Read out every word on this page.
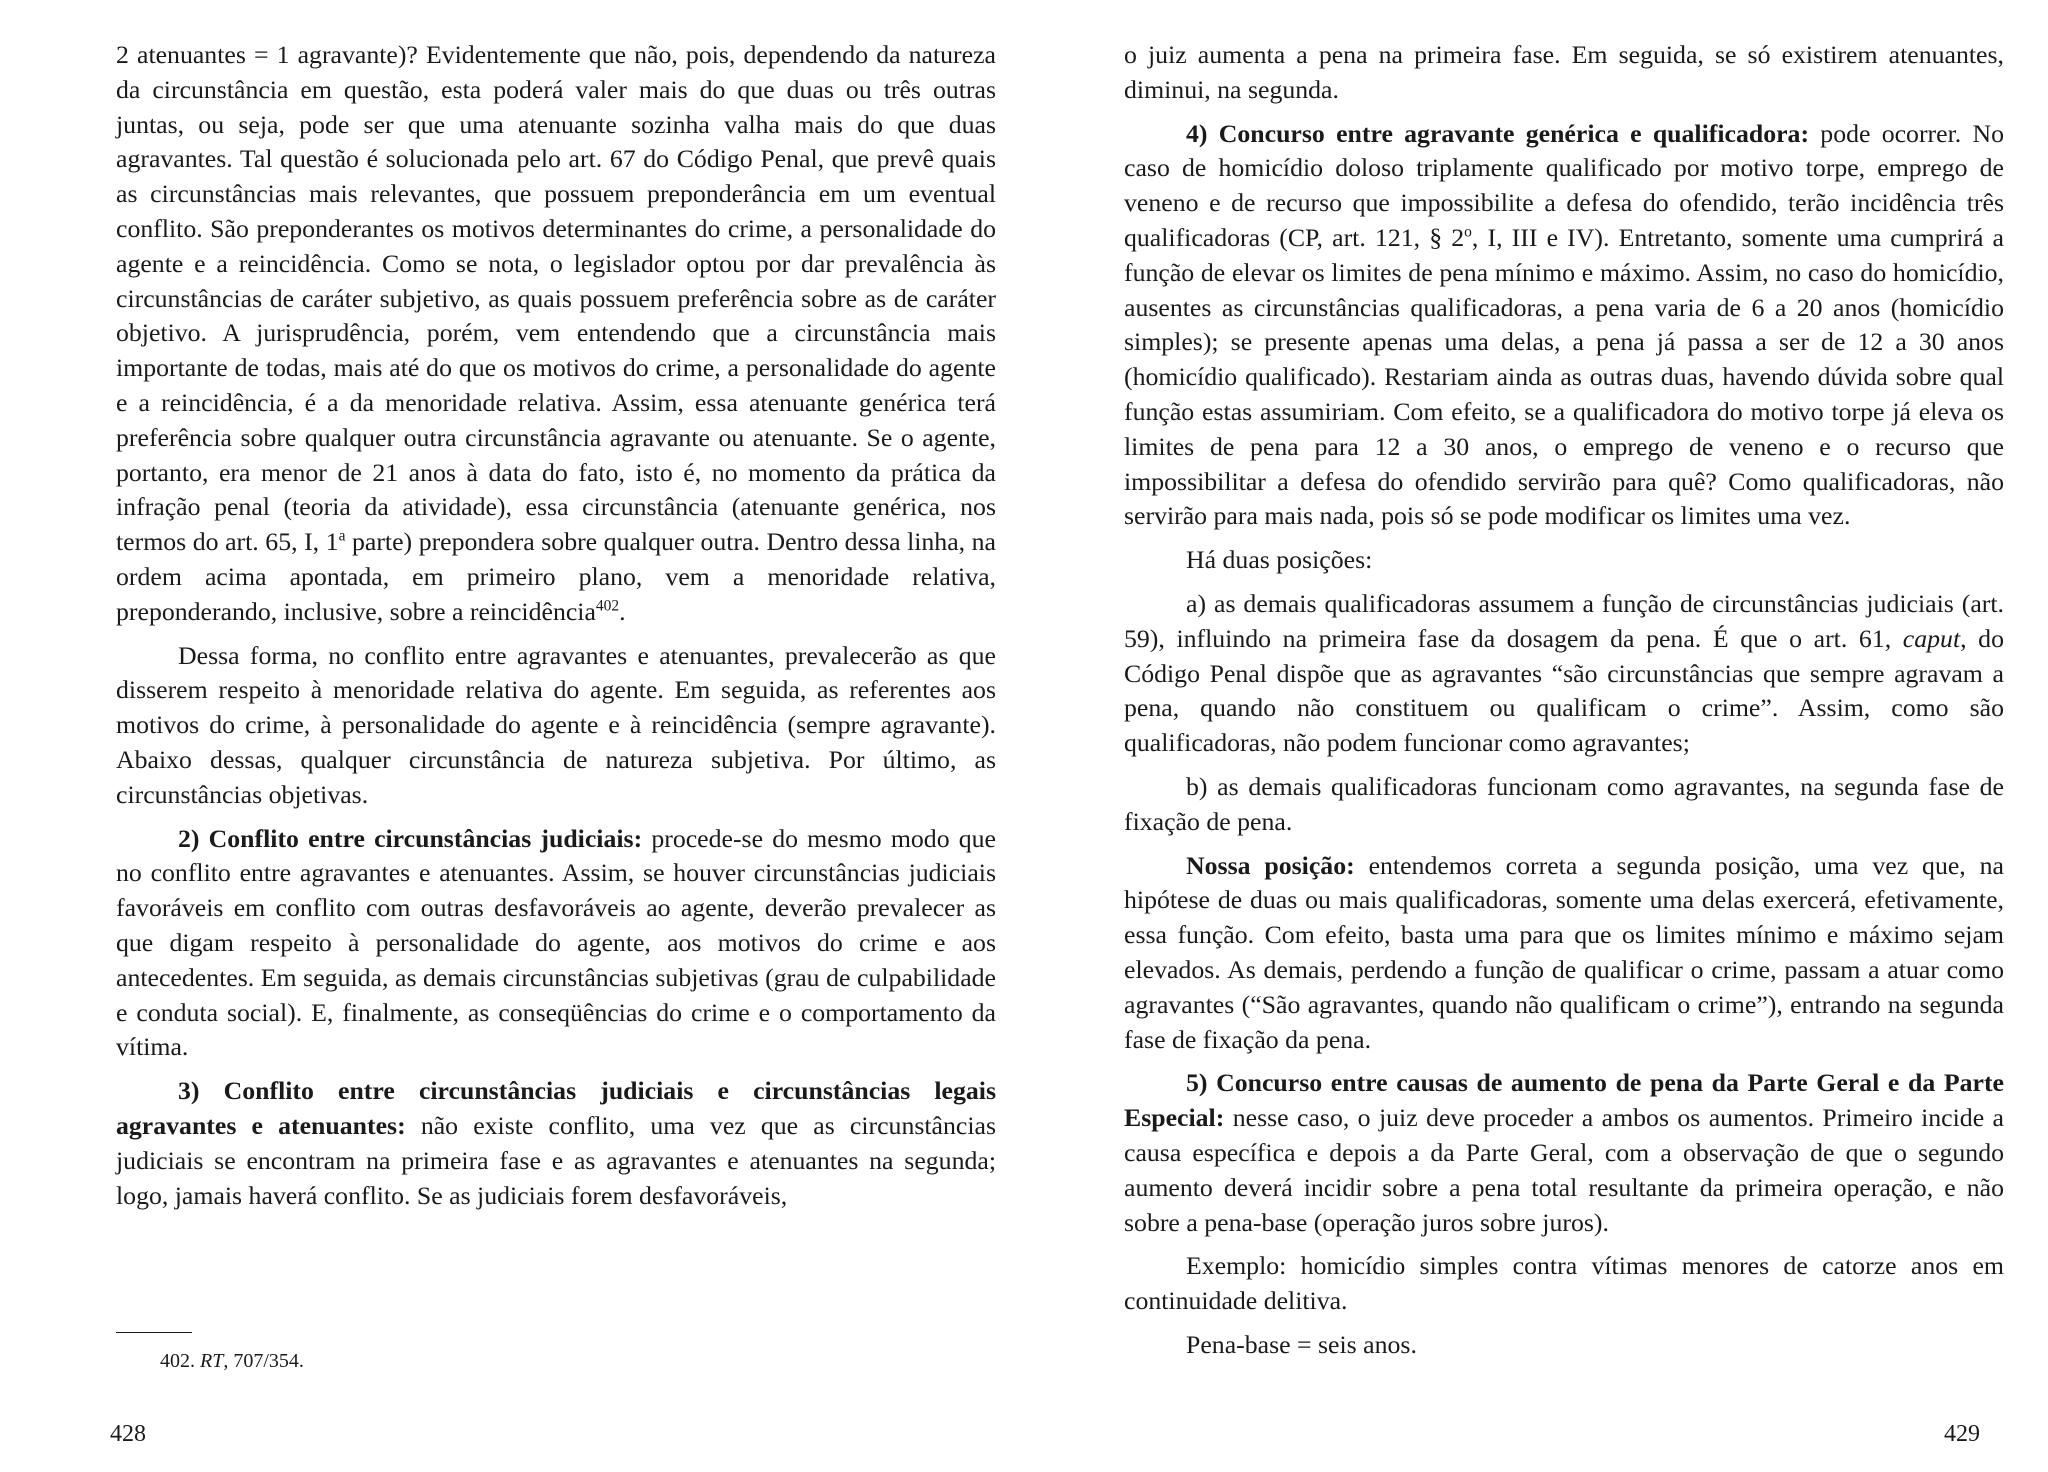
2 atenuantes = 1 agravante)? Evidentemente que não, pois, dependendo da natureza da circunstância em questão, esta poderá valer mais do que duas ou três outras juntas, ou seja, pode ser que uma atenuante sozinha valha mais do que duas agravantes. Tal questão é solucionada pelo art. 67 do Código Penal, que prevê quais as circunstâncias mais relevantes, que possuem preponderância em um eventual conflito. São preponderantes os motivos determinantes do crime, a personalidade do agente e a reincidência. Como se nota, o legislador optou por dar prevalência às circunstâncias de caráter subjetivo, as quais possuem preferência sobre as de caráter objetivo. A jurisprudência, porém, vem entendendo que a circunstância mais importante de todas, mais até do que os motivos do crime, a personalidade do agente e a reincidência, é a da menoridade relativa. Assim, essa atenuante genérica terá preferência sobre qualquer outra circunstância agravante ou atenuante. Se o agente, portanto, era menor de 21 anos à data do fato, isto é, no momento da prática da infração penal (teoria da atividade), essa circunstância (atenuante genérica, nos termos do art. 65, I, 1$^a$ parte) prepondera sobre qualquer outra. Dentro dessa linha, na ordem acima apontada, em primeiro plano, vem a menoridade relativa, preponderando, inclusive, sobre a reincidência$^{402}$.

Dessa forma, no conflito entre agravantes e atenuantes, prevalecerão as que disserem respeito à menoridade relativa do agente. Em seguida, as referentes aos motivos do crime, à personalidade do agente e à reincidência (sempre agravante). Abaixo dessas, qualquer circunstância de natureza subjetiva. Por último, as circunstâncias objetivas.

2) Conflito entre circunstâncias judiciais: procede-se do mesmo modo que no conflito entre agravantes e atenuantes. Assim, se houver circunstâncias judiciais favoráveis em conflito com outras desfavoráveis ao agente, deverão prevalecer as que digam respeito à personalidade do agente, aos motivos do crime e aos antecedentes. Em seguida, as demais circunstâncias subjetivas (grau de culpabilidade e conduta social). E, finalmente, as conseqüências do crime e o comportamento da vítima.

3) Conflito entre circunstâncias judiciais e circunstâncias legais agravantes e atenuantes: não existe conflito, uma vez que as circunstâncias judiciais se encontram na primeira fase e as agravantes e atenuantes na segunda; logo, jamais haverá conflito. Se as judiciais forem desfavoráveis,

402. RT, 707/354.
428

o juiz aumenta a pena na primeira fase. Em seguida, se só existirem atenuantes, diminui, na segunda.

4) Concurso entre agravante genérica e qualificadora: pode ocorrer. No caso de homicídio doloso triplamente qualificado por motivo torpe, emprego de veneno e de recurso que impossibilite a defesa do ofendido, terão incidência três qualificadoras (CP, art. 121, § 2$^o$, I, III e IV). Entretanto, somente uma cumprirá a função de elevar os limites de pena mínimo e máximo. Assim, no caso do homicídio, ausentes as circunstâncias qualificadoras, a pena varia de 6 a 20 anos (homicídio simples); se presente apenas uma delas, a pena já passa a ser de 12 a 30 anos (homicídio qualificado). Restariam ainda as outras duas, havendo dúvida sobre qual função estas assumiriam. Com efeito, se a qualificadora do motivo torpe já eleva os limites de pena para 12 a 30 anos, o emprego de veneno e o recurso que impossibilitar a defesa do ofendido servirão para quê? Como qualificadoras, não servirão para mais nada, pois só se pode modificar os limites uma vez.

Há duas posições:

a) as demais qualificadoras assumem a função de circunstâncias judiciais (art. 59), influindo na primeira fase da dosagem da pena. É que o art. 61, caput, do Código Penal dispõe que as agravantes “são circunstâncias que sempre agravam a pena, quando não constituem ou qualificam o crime”. Assim, como são qualificadoras, não podem funcionar como agravantes;

b) as demais qualificadoras funcionam como agravantes, na segunda fase de fixação de pena.

Nossa posição: entendemos correta a segunda posição, uma vez que, na hipótese de duas ou mais qualificadoras, somente uma delas exercerá, efetivamente, essa função. Com efeito, basta uma para que os limites mínimo e máximo sejam elevados. As demais, perdendo a função de qualificar o crime, passam a atuar como agravantes (“São agravantes, quando não qualificam o crime”), entrando na segunda fase de fixação da pena.

5) Concurso entre causas de aumento de pena da Parte Geral e da Parte Especial: nesse caso, o juiz deve proceder a ambos os aumentos. Primeiro incide a causa específica e depois a da Parte Geral, com a observação de que o segundo aumento deverá incidir sobre a pena total resultante da primeira operação, e não sobre a pena-base (operação juros sobre juros).

Exemplo: homicídio simples contra vítimas menores de catorze anos em continuidade delitiva.

Pena-base = seis anos.

429
